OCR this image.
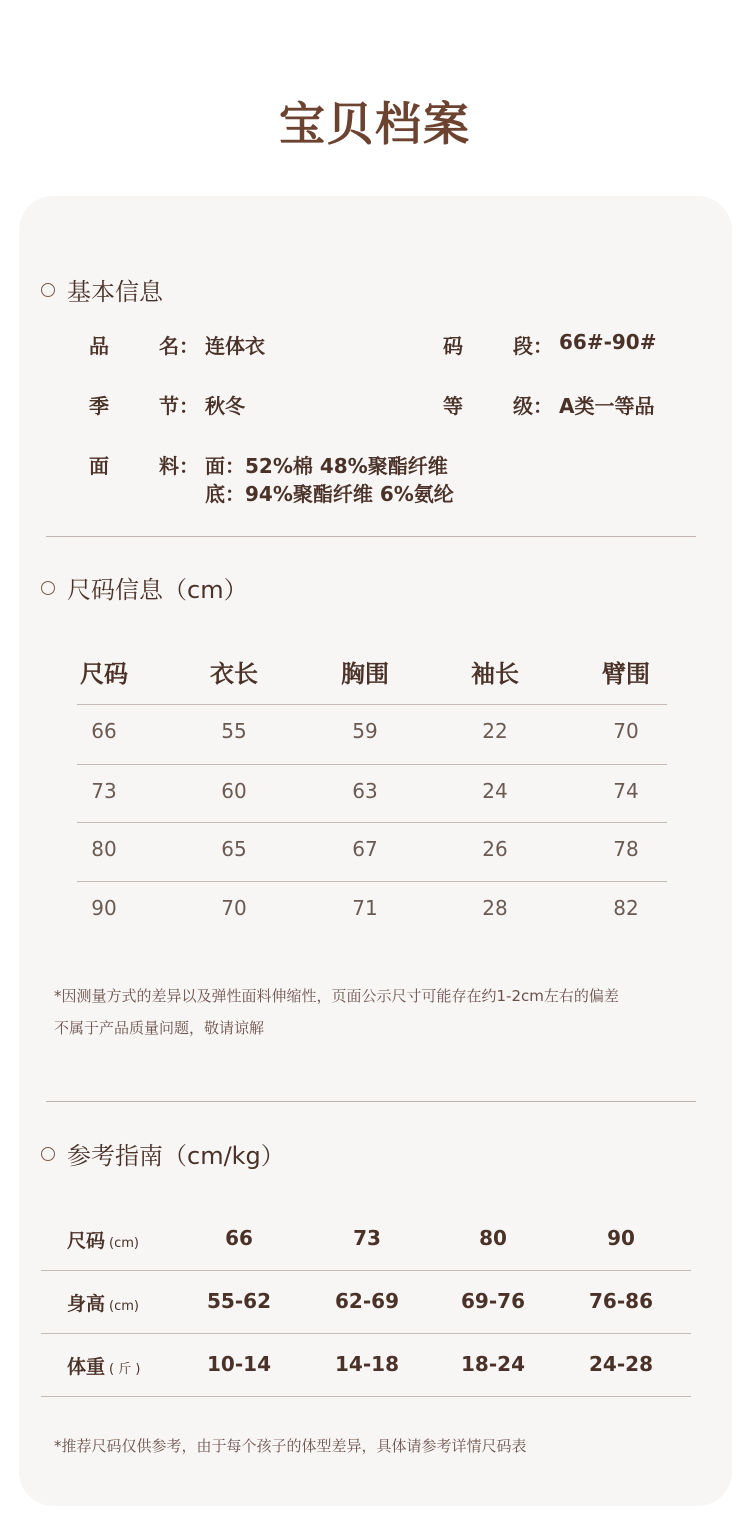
宝贝档案
基本信息
品	名： 连体衣	码	段： 66#-90#
季	节： 秋冬	等	级： A类一等品
面	料： 面：52%棉 48%聚酯纤维
底：94%聚酯纤维 6%氨纶
尺码信息（cm）
尺码	衣长	胸围	袖长	臂围
66	55	59	22	70
73	60	63	24	74
80	65	67	26	78
90	70	71	28	82
*因测量方式的差异以及弹性面料伸缩性，页面公示尺寸可能存在约1-2cm左右的偏差
不属于产品质量问题，敬请谅解
参考指南（cm/kg）
尺码 (cm)	66	73	80	90
身高 (cm)	55-62	62-69	69-76	76-86
体重 ( 斤 )	10-14	14-18	18-24	24-28
*推荐尺码仅供参考，由于每个孩子的体型差异，具体请参考详情尺码表
